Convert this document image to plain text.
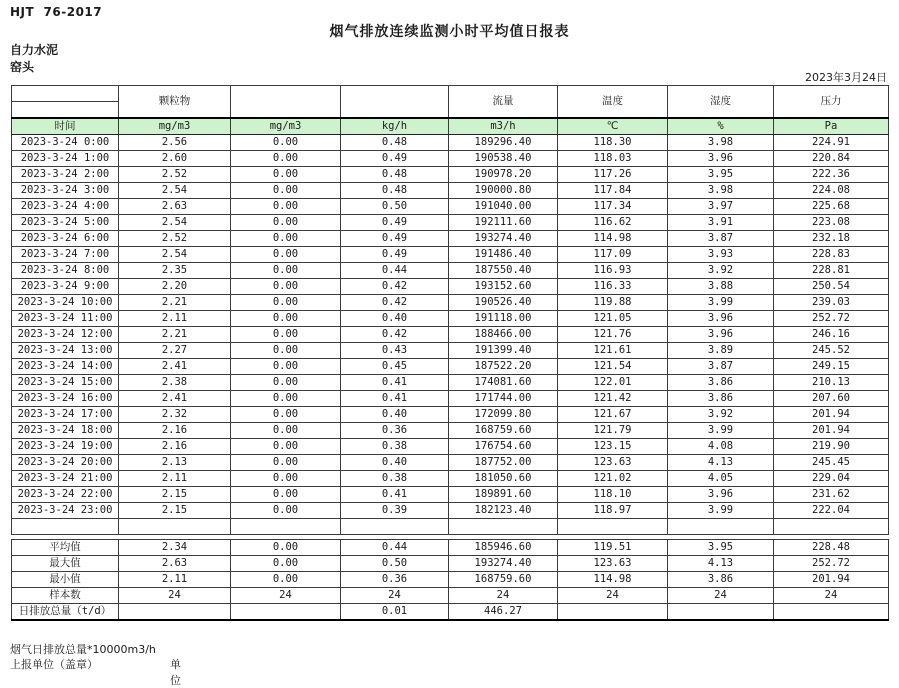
HJT  76-2017
烟气排放连续监测小时平均值日报表
自力水泥
窑头
2023年3月24日
	颗粒物			流量	温度	湿度	压力

时间	mg/m3	mg/m3	kg/h	m3/h	℃	%	Pa
2023-3-24 0:00	2.56	0.00	0.48	189296.40	118.30	3.98	224.91
2023-3-24 1:00	2.60	0.00	0.49	190538.40	118.03	3.96	220.84
2023-3-24 2:00	2.52	0.00	0.48	190978.20	117.26	3.95	222.36
2023-3-24 3:00	2.54	0.00	0.48	190000.80	117.84	3.98	224.08
2023-3-24 4:00	2.63	0.00	0.50	191040.00	117.34	3.97	225.68
2023-3-24 5:00	2.54	0.00	0.49	192111.60	116.62	3.91	223.08
2023-3-24 6:00	2.52	0.00	0.49	193274.40	114.98	3.87	232.18
2023-3-24 7:00	2.54	0.00	0.49	191486.40	117.09	3.93	228.83
2023-3-24 8:00	2.35	0.00	0.44	187550.40	116.93	3.92	228.81
2023-3-24 9:00	2.20	0.00	0.42	193152.60	116.33	3.88	250.54
2023-3-24 10:00	2.21	0.00	0.42	190526.40	119.88	3.99	239.03
2023-3-24 11:00	2.11	0.00	0.40	191118.00	121.05	3.96	252.72
2023-3-24 12:00	2.21	0.00	0.42	188466.00	121.76	3.96	246.16
2023-3-24 13:00	2.27	0.00	0.43	191399.40	121.61	3.89	245.52
2023-3-24 14:00	2.41	0.00	0.45	187522.20	121.54	3.87	249.15
2023-3-24 15:00	2.38	0.00	0.41	174081.60	122.01	3.86	210.13
2023-3-24 16:00	2.41	0.00	0.41	171744.00	121.42	3.86	207.60
2023-3-24 17:00	2.32	0.00	0.40	172099.80	121.67	3.92	201.94
2023-3-24 18:00	2.16	0.00	0.36	168759.60	121.79	3.99	201.94
2023-3-24 19:00	2.16	0.00	0.38	176754.60	123.15	4.08	219.90
2023-3-24 20:00	2.13	0.00	0.40	187752.00	123.63	4.13	245.45
2023-3-24 21:00	2.11	0.00	0.38	181050.60	121.02	4.05	229.04
2023-3-24 22:00	2.15	0.00	0.41	189891.60	118.10	3.96	231.62
2023-3-24 23:00	2.15	0.00	0.39	182123.40	118.97	3.99	222.04

平均值	2.34	0.00	0.44	185946.60	119.51	3.95	228.48
最大值	2.63	0.00	0.50	193274.40	123.63	4.13	252.72
最小值	2.11	0.00	0.36	168759.60	114.98	3.86	201.94
样本数	24	24	24	24	24	24	24
日排放总量（t/d）			0.01	446.27			
烟气日排放总量*10000m3/h
上报单位（盖章）	单位
